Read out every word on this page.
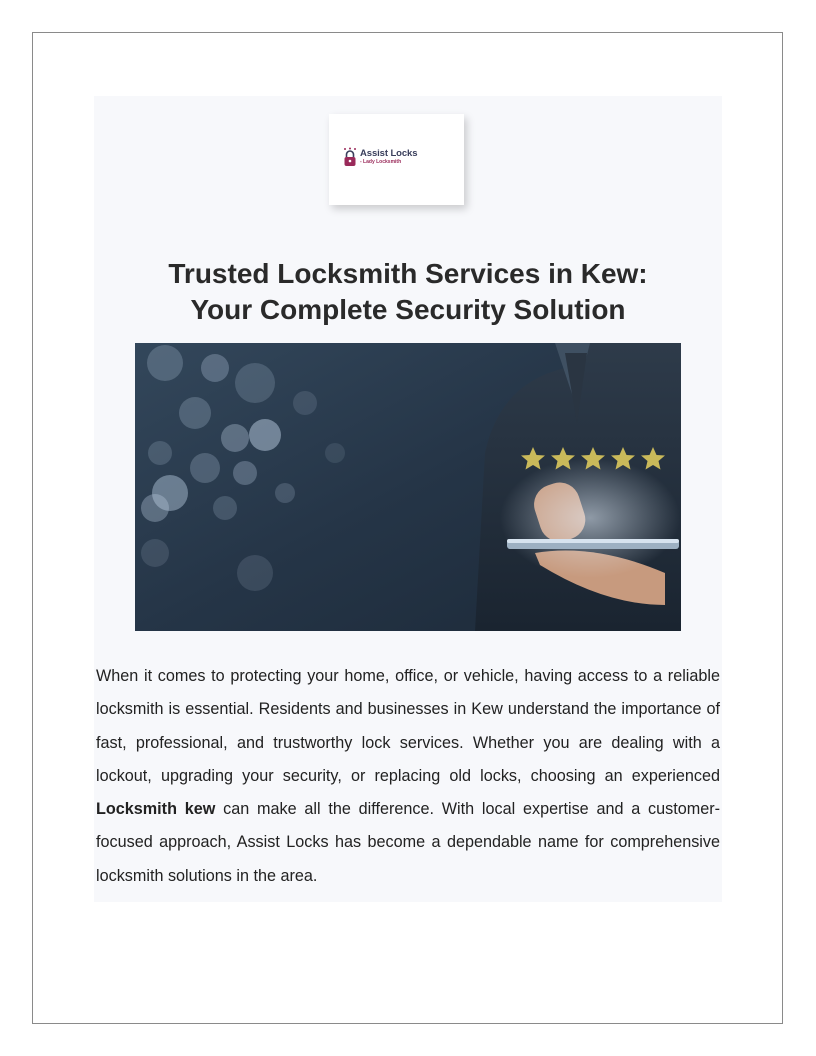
Assist Locks
- Lady Locksmith
Trusted Locksmith Services in Kew:
Your Complete Security Solution

When it comes to protecting your home, office, or vehicle, having access to a reliable locksmith is essential. Residents and businesses in Kew understand the importance of fast, professional, and trustworthy lock services. Whether you are dealing with a lockout, upgrading your security, or replacing old locks, choosing an experienced Locksmith kew can make all the difference. With local expertise and a customer-focused approach, Assist Locks has become a dependable name for comprehensive locksmith solutions in the area.
